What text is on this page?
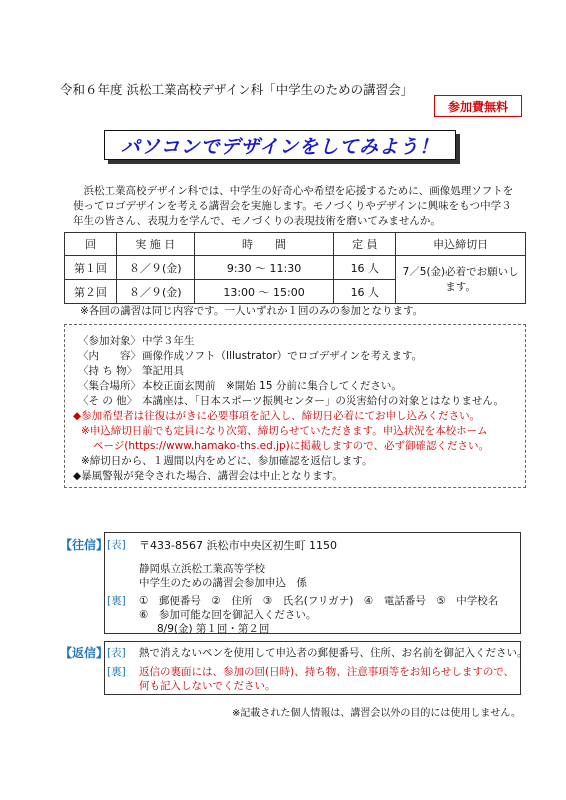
令和６年度 浜松工業高校デザイン科「中学生のための講習会」
参加費無料
パソコンでデザインをしてみよう！
浜松工業高校デザイン科では、中学生の好奇心や希望を応援するために、画像処理ソフトを使ってロゴデザインを考える講習会を実施します。モノづくりやデザインに興味をもつ中学３年生の皆さん、表現力を学んで、モノづくりの表現技術を磨いてみませんか。
回	実 施 日	時　　間	定 員	申込締切日
第１回	８／９(金)	9:30 ～ 11:30	16 人	7／5(金)必着でお願いし
ます。

第２回	８／９(金)	13:00 ～ 15:00	16 人	
※各回の講習は同じ内容です。一人いずれか１回のみの参加となります。
〈参加対象〉中学３年生
〈内　　容〉画像作成ソフト（Illustrator）でロゴデザインを考えます。
〈持 ち 物〉 筆記用具
〈集合場所〉本校正面玄関前　※開始 15 分前に集合してください。
〈そ の 他〉 本講座は、「日本スポーツ振興センター」の災害給付の対象とはなりません。
◆参加希望者は往復はがきに必要事項を記入し、締切日必着にてお申し込みください。
※申込締切日前でも定員になり次第、締切らせていただきます。申込状況を本校ホーム
ページ(https://www.hamako-ths.ed.jp)に掲載しますので、必ず御確認ください。
※締切日から、１週間以内をめどに、参加確認を返信します。
◆暴風警報が発令された場合、講習会は中止となります。
【往信】
[表] 〒433-8567 浜松市中央区初生町 1150
静岡県立浜松工業高等学校
中学生のための講習会参加申込　係
[裏] ①　郵便番号　②　住所　③　氏名(フリガナ)　④　電話番号　⑤　中学校名
⑥　参加可能な回を御記入ください。
8/9(金) 第１回・第２回
【返信】
[表] 熱で消えないペンを使用して申込者の郵便番号、住所、お名前を御記入ください。
[裏] 返信の裏面には、参加の回(日時)、持ち物、注意事項等をお知らせしますので、
何も記入しないでください。
※記載された個人情報は、講習会以外の目的には使用しません。
